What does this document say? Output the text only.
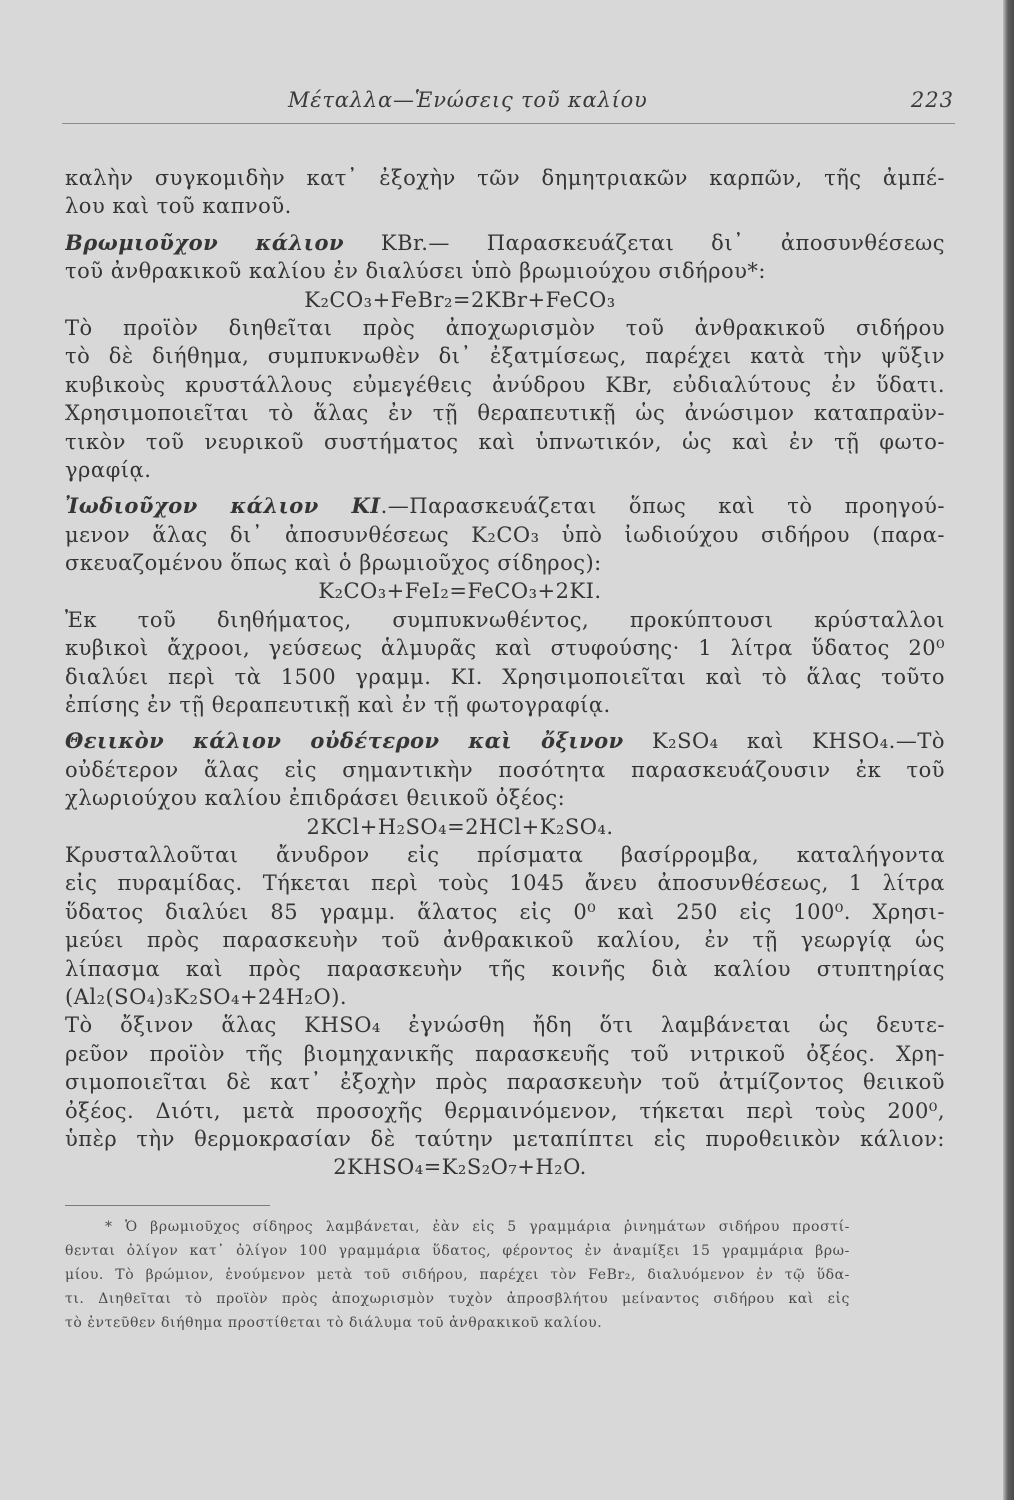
Μέταλλα—Ἑνώσεις τοῦ καλίου	223
καλὴν συγκομιδὴν κατ᾽ ἐξοχὴν τῶν δημητριακῶν καρπῶν, τῆς ἀμπέ-
λου καὶ τοῦ καπνοῦ.
Βρωμιοῦχον κάλιον KBr.— Παρασκευάζεται δι᾽ ἀποσυνθέσεως
τοῦ ἀνθρακικοῦ καλίου ἐν διαλύσει ὑπὸ βρωμιούχου σιδήρου*:
K₂CO₃+FeBr₂=2KBr+FeCO₃
Τὸ προϊὸν διηθεῖται πρὸς ἀποχωρισμὸν τοῦ ἀνθρακικοῦ σιδήρου
τὸ δὲ διήθημα, συμπυκνωθὲν δι᾽ ἐξατμίσεως, παρέχει κατὰ τὴν ψῦξιν
κυβικοὺς κρυστάλλους εὐμεγέθεις ἀνύδρου KBr, εὐδιαλύτους ἐν ὕδατι.
Χρησιμοποιεῖται τὸ ἅλας ἐν τῇ θεραπευτικῇ ὡς ἀνώσιμον καταπραϋν-
τικὸν τοῦ νευρικοῦ συστήματος καὶ ὑπνωτικόν, ὡς καὶ ἐν τῇ φωτο-
γραφίᾳ.
Ἰωδιοῦχον κάλιον KI.—Παρασκευάζεται ὅπως καὶ τὸ προηγού-
μενον ἅλας δι᾽ ἀποσυνθέσεως K₂CO₃ ὑπὸ ἰωδιούχου σιδήρου (παρα-
σκευαζομένου ὅπως καὶ ὁ βρωμιοῦχος σίδηρος):
K₂CO₃+FeI₂=FeCO₃+2KI.
Ἐκ τοῦ διηθήματος, συμπυκνωθέντος, προκύπτουσι κρύσταλλοι
κυβικοὶ ἄχροοι, γεύσεως ἁλμυρᾶς καὶ στυφούσης· 1 λίτρα ὕδατος 20⁰
διαλύει περὶ τὰ 1500 γραμμ. KI. Χρησιμοποιεῖται καὶ τὸ ἅλας τοῦτο
ἐπίσης ἐν τῇ θεραπευτικῇ καὶ ἐν τῇ φωτογραφίᾳ.
Θειικὸν κάλιον οὐδέτερον καὶ ὄξινον K₂SO₄ καὶ KHSO₄.—Τὸ
οὐδέτερον ἅλας εἰς σημαντικὴν ποσότητα παρασκευάζουσιν ἐκ τοῦ
χλωριούχου καλίου ἐπιδράσει θειικοῦ ὀξέος:
2KCl+H₂SO₄=2HCl+K₂SO₄.
Κρυσταλλοῦται ἄνυδρον εἰς πρίσματα βασίρρομβα, καταλήγοντα
εἰς πυραμίδας. Τήκεται περὶ τοὺς 1045 ἄνευ ἀποσυνθέσεως, 1 λίτρα
ὕδατος διαλύει 85 γραμμ. ἅλατος εἰς 0⁰ καὶ 250 εἰς 100⁰. Χρησι-
μεύει πρὸς παρασκευὴν τοῦ ἀνθρακικοῦ καλίου, ἐν τῇ γεωργίᾳ ὡς
λίπασμα καὶ πρὸς παρασκευὴν τῆς κοινῆς διὰ καλίου στυπτηρίας
(Al₂(SO₄)₃K₂SO₄+24H₂O).
Τὸ ὄξινον ἅλας KHSO₄ ἐγνώσθη ἤδη ὅτι λαμβάνεται ὡς δευτε-
ρεῦον προϊὸν τῆς βιομηχανικῆς παρασκευῆς τοῦ νιτρικοῦ ὀξέος. Χρη-
σιμοποιεῖται δὲ κατ᾽ ἐξοχὴν πρὸς παρασκευὴν τοῦ ἀτμίζοντος θειικοῦ
ὀξέος. Διότι, μετὰ προσοχῆς θερμαινόμενον, τήκεται περὶ τοὺς 200⁰,
ὑπὲρ τὴν θερμοκρασίαν δὲ ταύτην μεταπίπτει εἰς πυροθειικὸν κάλιον:
2KHSO₄=K₂S₂O₇+H₂O.
* Ὁ βρωμιοῦχος σίδηρος λαμβάνεται, ἐὰν εἰς 5 γραμμάρια ῥινημάτων σιδήρου προστί-
θενται ὀλίγον κατ᾽ ὀλίγον 100 γραμμάρια ὕδατος, φέροντος ἐν ἀναμίξει 15 γραμμάρια βρω-
μίου. Τὸ βρώμιον, ἑνούμενον μετὰ τοῦ σιδήρου, παρέχει τὸν FeBr₂, διαλυόμενον ἐν τῷ ὕδα-
τι. Διηθεῖται τὸ προϊὸν πρὸς ἀποχωρισμὸν τυχὸν ἀπροσβλήτου μείναντος σιδήρου καὶ εἰς
τὸ ἐντεῦθεν διήθημα προστίθεται τὸ διάλυμα τοῦ ἀνθρακικοῦ καλίου.
